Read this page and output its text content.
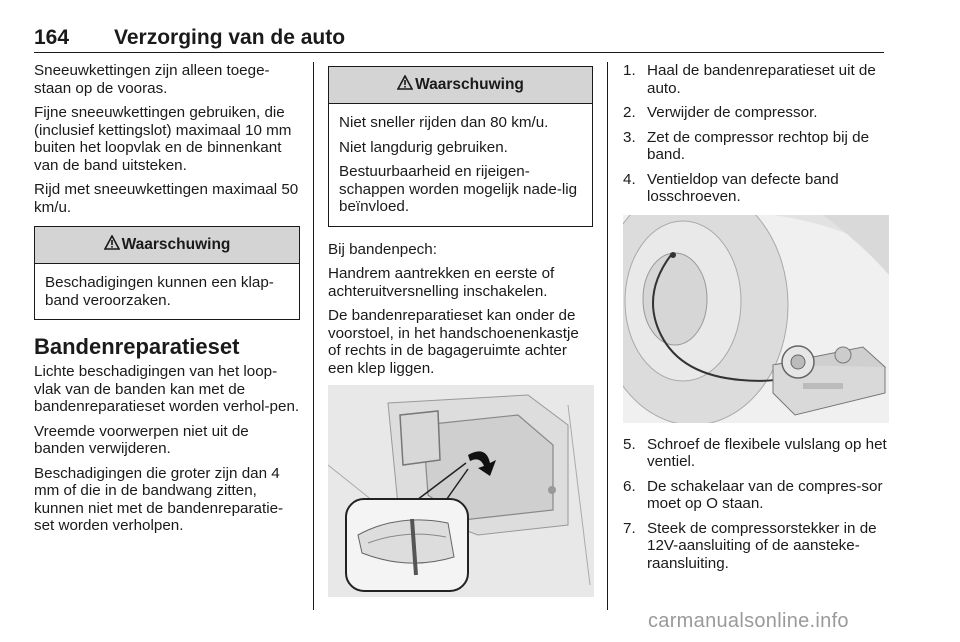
164 Verzorging van de auto

Sneeuwkettingen zijn alleen toege-staan op de vooras.

Fijne sneeuwkettingen gebruiken, die (inclusief kettingslot) maximaal 10 mm buiten het loopvlak en de binnenkant van de band uitsteken.

Rijd met sneeuwkettingen maximaal 50 km/u.

Waarschuwing

Beschadigingen kunnen een klap-band veroorzaken.

Bandenreparatieset

Lichte beschadigingen van het loop-vlak van de banden kan met de bandenreparatieset worden verhol-pen.

Vreemde voorwerpen niet uit de banden verwijderen.

Beschadigingen die groter zijn dan 4 mm of die in de bandwang zitten, kunnen niet met de bandenreparatie-set worden verholpen.

Waarschuwing

Niet sneller rijden dan 80 km/u.

Niet langdurig gebruiken.

Bestuurbaarheid en rijeigen-schappen worden mogelijk nade-lig beïnvloed.

Bij bandenpech:

Handrem aantrekken en eerste of achteruitversnelling inschakelen.

De bandenreparatieset kan onder de voorstoel, in het handschoenenkastje of rechts in de bagageruimte achter een klep liggen.

1. Haal de bandenreparatieset uit de auto.
2. Verwijder de compressor.
3. Zet de compressor rechtop bij de band.
4. Ventieldop van defecte band losschroeven.
5. Schroef de flexibele vulslang op het ventiel.
6. De schakelaar van de compres-sor moet op O staan.
7. Steek de compressorstekker in de 12V-aansluiting of de aansteke-raansluiting.
carmanualsonline.info
